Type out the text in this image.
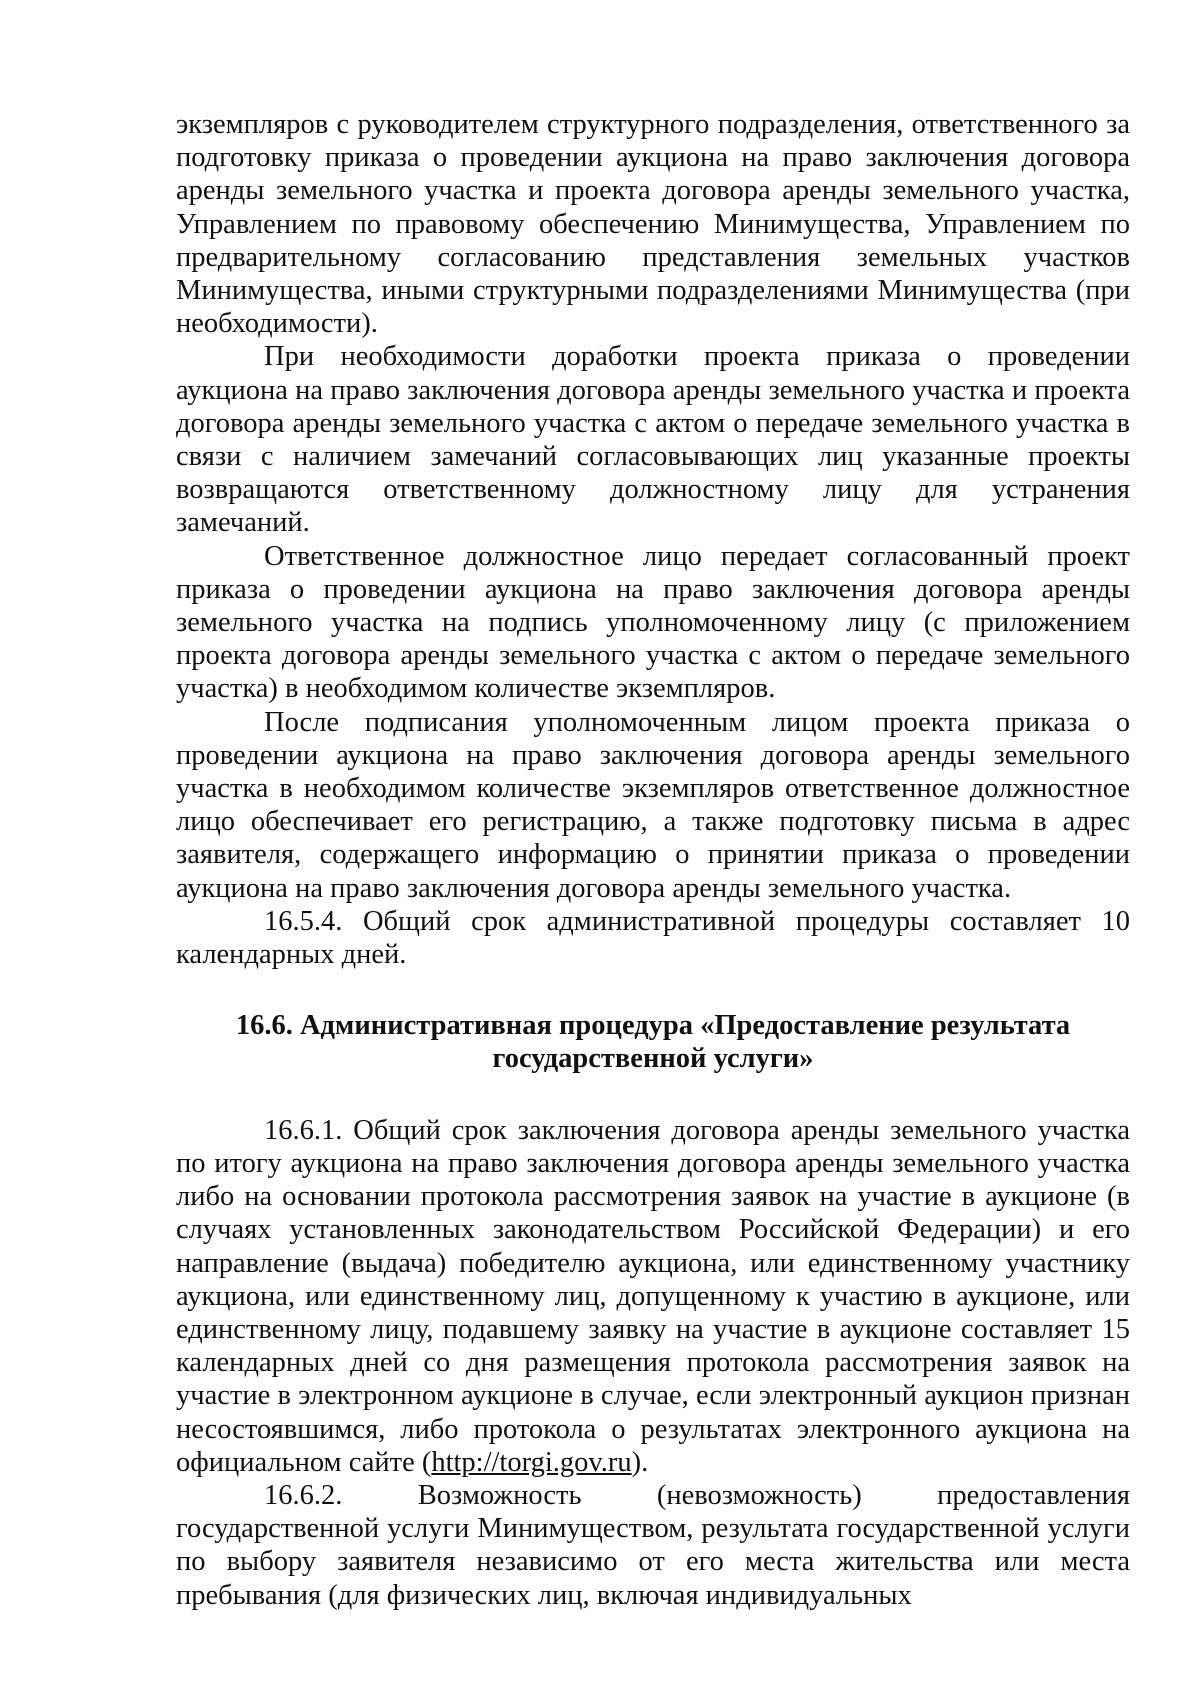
экземпляров с руководителем структурного подразделения, ответственного за подготовку приказа о проведении аукциона на право заключения договора аренды земельного участка и проекта договора аренды земельного участка, Управлением по правовому обеспечению Минимущества, Управлением по предварительному согласованию представления земельных участков Минимущества, иными структурными подразделениями Минимущества (при необходимости).

При необходимости доработки проекта приказа о проведении аукциона на право заключения договора аренды земельного участка и проекта договора аренды земельного участка с актом о передаче земельного участка в связи с наличием замечаний согласовывающих лиц указанные проекты возвращаются ответственному должностному лицу для устранения замечаний.

Ответственное должностное лицо передает согласованный проект приказа о проведении аукциона на право заключения договора аренды земельного участка на подпись уполномоченному лицу (с приложением проекта договора аренды земельного участка с актом о передаче земельного участка) в необходимом количестве экземпляров.

После подписания уполномоченным лицом проекта приказа о проведении аукциона на право заключения договора аренды земельного участка в необходимом количестве экземпляров ответственное должностное лицо обеспечивает его регистрацию, а также подготовку письма в адрес заявителя, содержащего информацию о принятии приказа о проведении аукциона на право заключения договора аренды земельного участка.

16.5.4. Общий срок административной процедуры составляет 10 календарных дней.

16.6. Административная процедура «Предоставление результата
государственной услуги»

16.6.1. Общий срок заключения договора аренды земельного участка по итогу аукциона на право заключения договора аренды земельного участка либо на основании протокола рассмотрения заявок на участие в аукционе (в случаях установленных законодательством Российской Федерации) и его направление (выдача) победителю аукциона, или единственному участнику аукциона, или единственному лиц, допущенному к участию в аукционе, или единственному лицу, подавшему заявку на участие в аукционе составляет 15 календарных дней со дня размещения протокола рассмотрения заявок на участие в электронном аукционе в случае, если электронный аукцион признан несостоявшимся, либо протокола о результатах электронного аукциона на официальном сайте (http://torgi.gov.ru).

16.6.2. Возможность (невозможность) предоставления государственной услуги Минимуществом, результата государственной услуги по выбору заявителя независимо от его места жительства или места пребывания (для физических лиц, включая индивидуальных
